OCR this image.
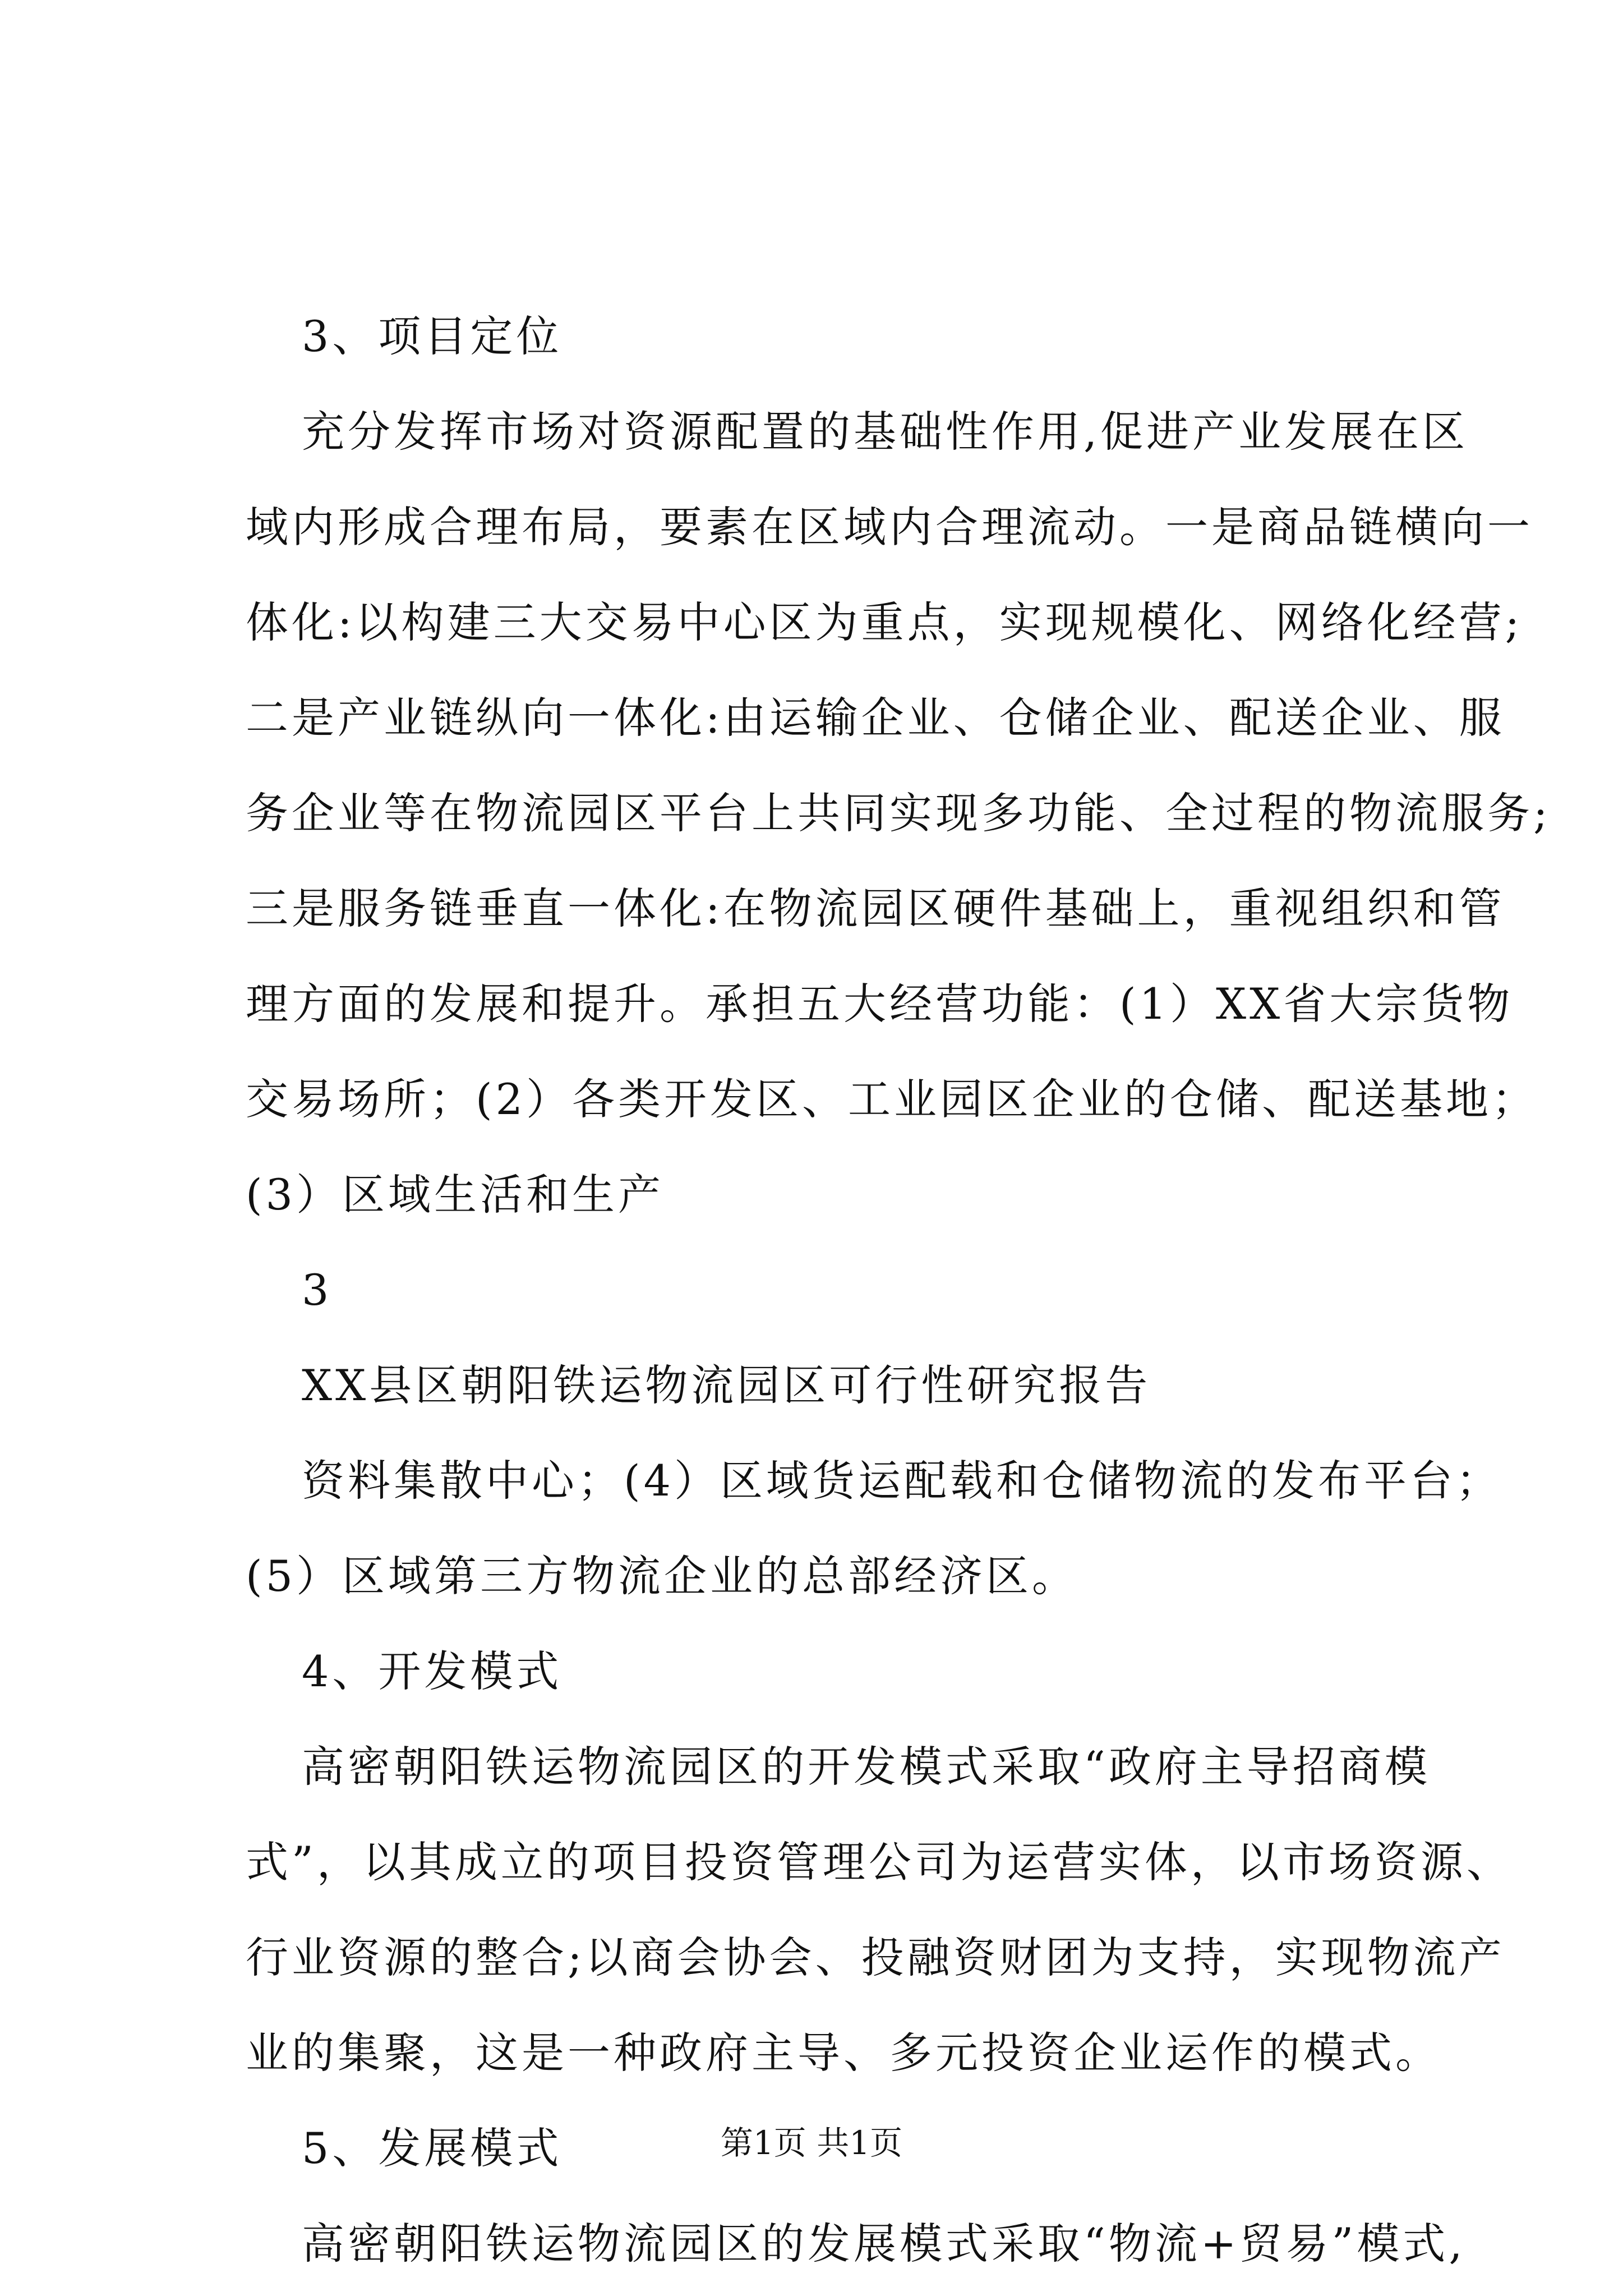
3、项目定位
充分发挥市场对资源配置的基础性作用,促进产业发展在区
域内形成合理布局，要素在区域内合理流动。一是商品链横向一
体化:以构建三大交易中心区为重点，实现规模化、网络化经营;
二是产业链纵向一体化:由运输企业、仓储企业、配送企业、服
务企业等在物流园区平台上共同实现多功能、全过程的物流服务;
三是服务链垂直一体化:在物流园区硬件基础上，重视组织和管
理方面的发展和提升。承担五大经营功能：(1）XX省大宗货物
交易场所；(2）各类开发区、工业园区企业的仓储、配送基地；
(3）区域生活和生产
3
XX县区朝阳铁运物流园区可行性研究报告
资料集散中心；(4）区域货运配载和仓储物流的发布平台；
(5）区域第三方物流企业的总部经济区。
4、开发模式
高密朝阳铁运物流园区的开发模式采取“政府主导招商模
式”，以其成立的项目投资管理公司为运营实体，以市场资源、
行业资源的整合;以商会协会、投融资财团为支持，实现物流产
业的集聚，这是一种政府主导、多元投资企业运作的模式。
5、发展模式
高密朝阳铁运物流园区的发展模式采取“物流+贸易”模式,
第1页 共1页
